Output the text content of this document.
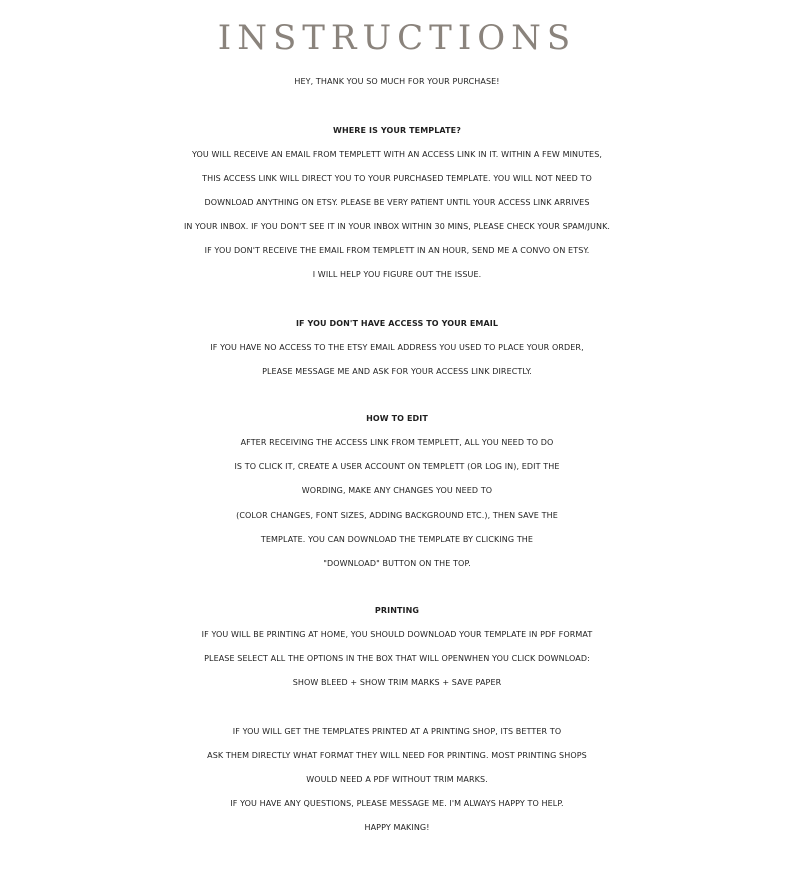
INSTRUCTIONS
HEY, THANK YOU SO MUCH FOR YOUR PURCHASE!
WHERE IS YOUR TEMPLATE?
YOU WILL RECEIVE AN EMAIL FROM TEMPLETT WITH AN ACCESS LINK IN IT. WITHIN A FEW MINUTES,
THIS ACCESS LINK WILL DIRECT YOU TO YOUR PURCHASED TEMPLATE. YOU WILL NOT NEED TO
DOWNLOAD ANYTHING ON ETSY. PLEASE BE VERY PATIENT UNTIL YOUR ACCESS LINK ARRIVES
IN YOUR INBOX. IF YOU DON'T SEE IT IN YOUR INBOX WITHIN 30 MINS, PLEASE CHECK YOUR SPAM/JUNK.
IF YOU DON'T RECEIVE THE EMAIL FROM TEMPLETT IN AN HOUR, SEND ME A CONVO ON ETSY.
I WILL HELP YOU FIGURE OUT THE ISSUE.
IF YOU DON'T HAVE ACCESS TO YOUR EMAIL
IF YOU HAVE NO ACCESS TO THE ETSY EMAIL ADDRESS YOU USED TO PLACE YOUR ORDER,
PLEASE MESSAGE ME AND ASK FOR YOUR ACCESS LINK DIRECTLY.
HOW TO EDIT
AFTER RECEIVING THE ACCESS LINK FROM TEMPLETT, ALL YOU NEED TO DO
IS TO CLICK IT, CREATE A USER ACCOUNT ON TEMPLETT (OR LOG IN), EDIT THE
WORDING, MAKE ANY CHANGES YOU NEED TO
(COLOR CHANGES, FONT SIZES, ADDING BACKGROUND ETC.), THEN SAVE THE
TEMPLATE. YOU CAN DOWNLOAD THE TEMPLATE BY CLICKING THE
"DOWNLOAD" BUTTON ON THE TOP.
PRINTING
IF YOU WILL BE PRINTING AT HOME, YOU SHOULD DOWNLOAD YOUR TEMPLATE IN PDF FORMAT
PLEASE SELECT ALL THE OPTIONS IN THE BOX THAT WILL OPENWHEN YOU CLICK DOWNLOAD:
SHOW BLEED + SHOW TRIM MARKS + SAVE PAPER
IF YOU WILL GET THE TEMPLATES PRINTED AT A PRINTING SHOP, ITS BETTER TO
ASK THEM DIRECTLY WHAT FORMAT THEY WILL NEED FOR PRINTING. MOST PRINTING SHOPS
WOULD NEED A PDF WITHOUT TRIM MARKS.
IF YOU HAVE ANY QUESTIONS, PLEASE MESSAGE ME. I'M ALWAYS HAPPY TO HELP.
HAPPY MAKING!
